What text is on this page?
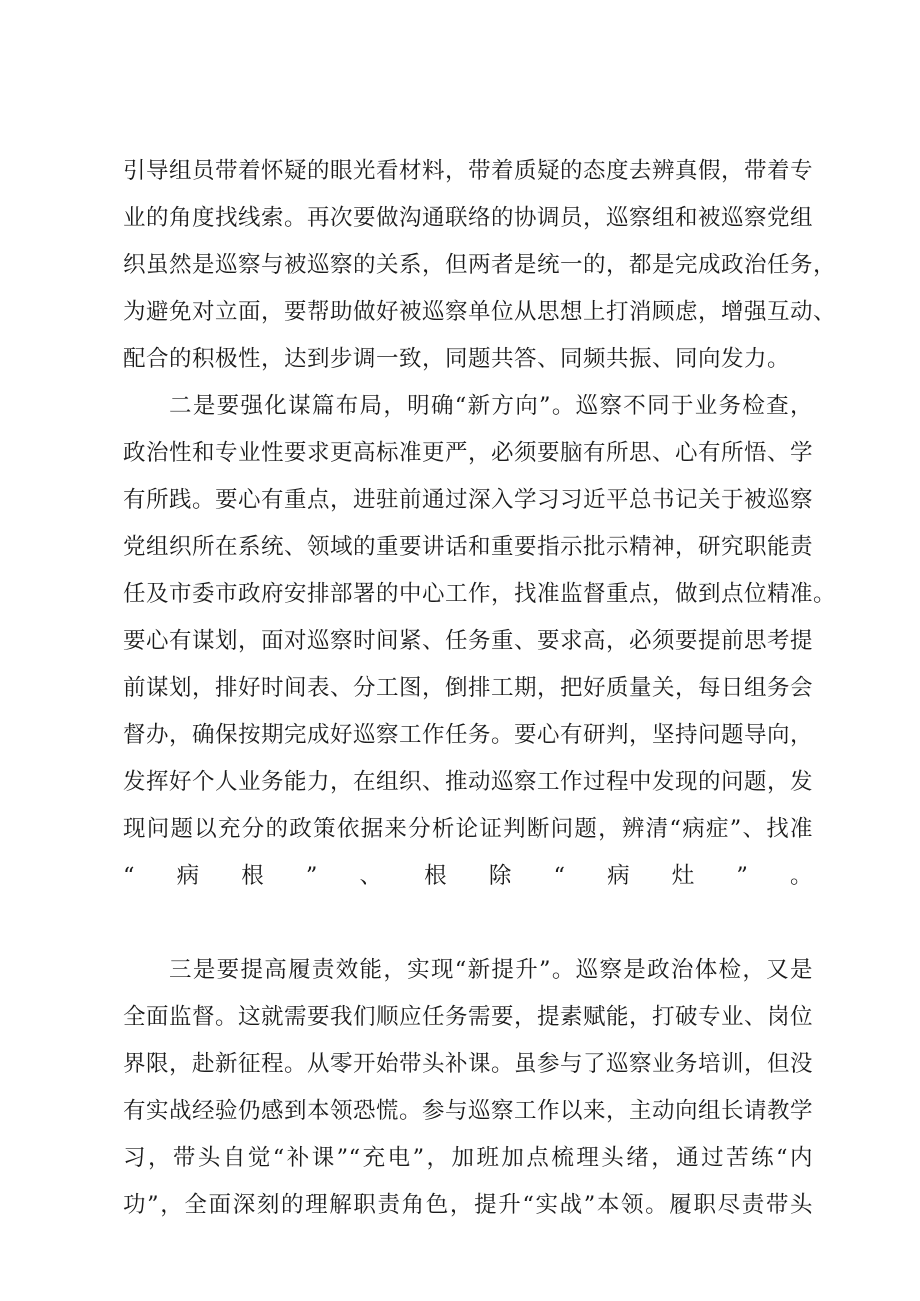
引导组员带着怀疑的眼光看材料，带着质疑的态度去辨真假，带着专
业的角度找线索。再次要做沟通联络的协调员，巡察组和被巡察党组
织虽然是巡察与被巡察的关系，但两者是统一的，都是完成政治任务，
为避免对立面，要帮助做好被巡察单位从思想上打消顾虑，增强互动、
配合的积极性，达到步调一致，同题共答、同频共振、同向发力。
二是要强化谋篇布局，明确“新方向”。巡察不同于业务检查，
政治性和专业性要求更高标准更严，必须要脑有所思、心有所悟、学
有所践。要心有重点，进驻前通过深入学习习近平总书记关于被巡察
党组织所在系统、领域的重要讲话和重要指示批示精神，研究职能责
任及市委市政府安排部署的中心工作，找准监督重点，做到点位精准。
要心有谋划，面对巡察时间紧、任务重、要求高，必须要提前思考提
前谋划，排好时间表、分工图，倒排工期，把好质量关，每日组务会
督办，确保按期完成好巡察工作任务。要心有研判，坚持问题导向，
发挥好个人业务能力，在组织、推动巡察工作过程中发现的问题，发
现问题以充分的政策依据来分析论证判断问题，辨清“病症”、找准
“病根”、根除“病灶”。
三是要提高履责效能，实现“新提升”。巡察是政治体检，又是
全面监督。这就需要我们顺应任务需要，提素赋能，打破专业、岗位
界限，赴新征程。从零开始带头补课。虽参与了巡察业务培训，但没
有实战经验仍感到本领恐慌。参与巡察工作以来，主动向组长请教学
习，带头自觉“补课”“充电”，加班加点梳理头绪，通过苦练“内
功”，全面深刻的理解职责角色，提升“实战”本领。履职尽责带头
